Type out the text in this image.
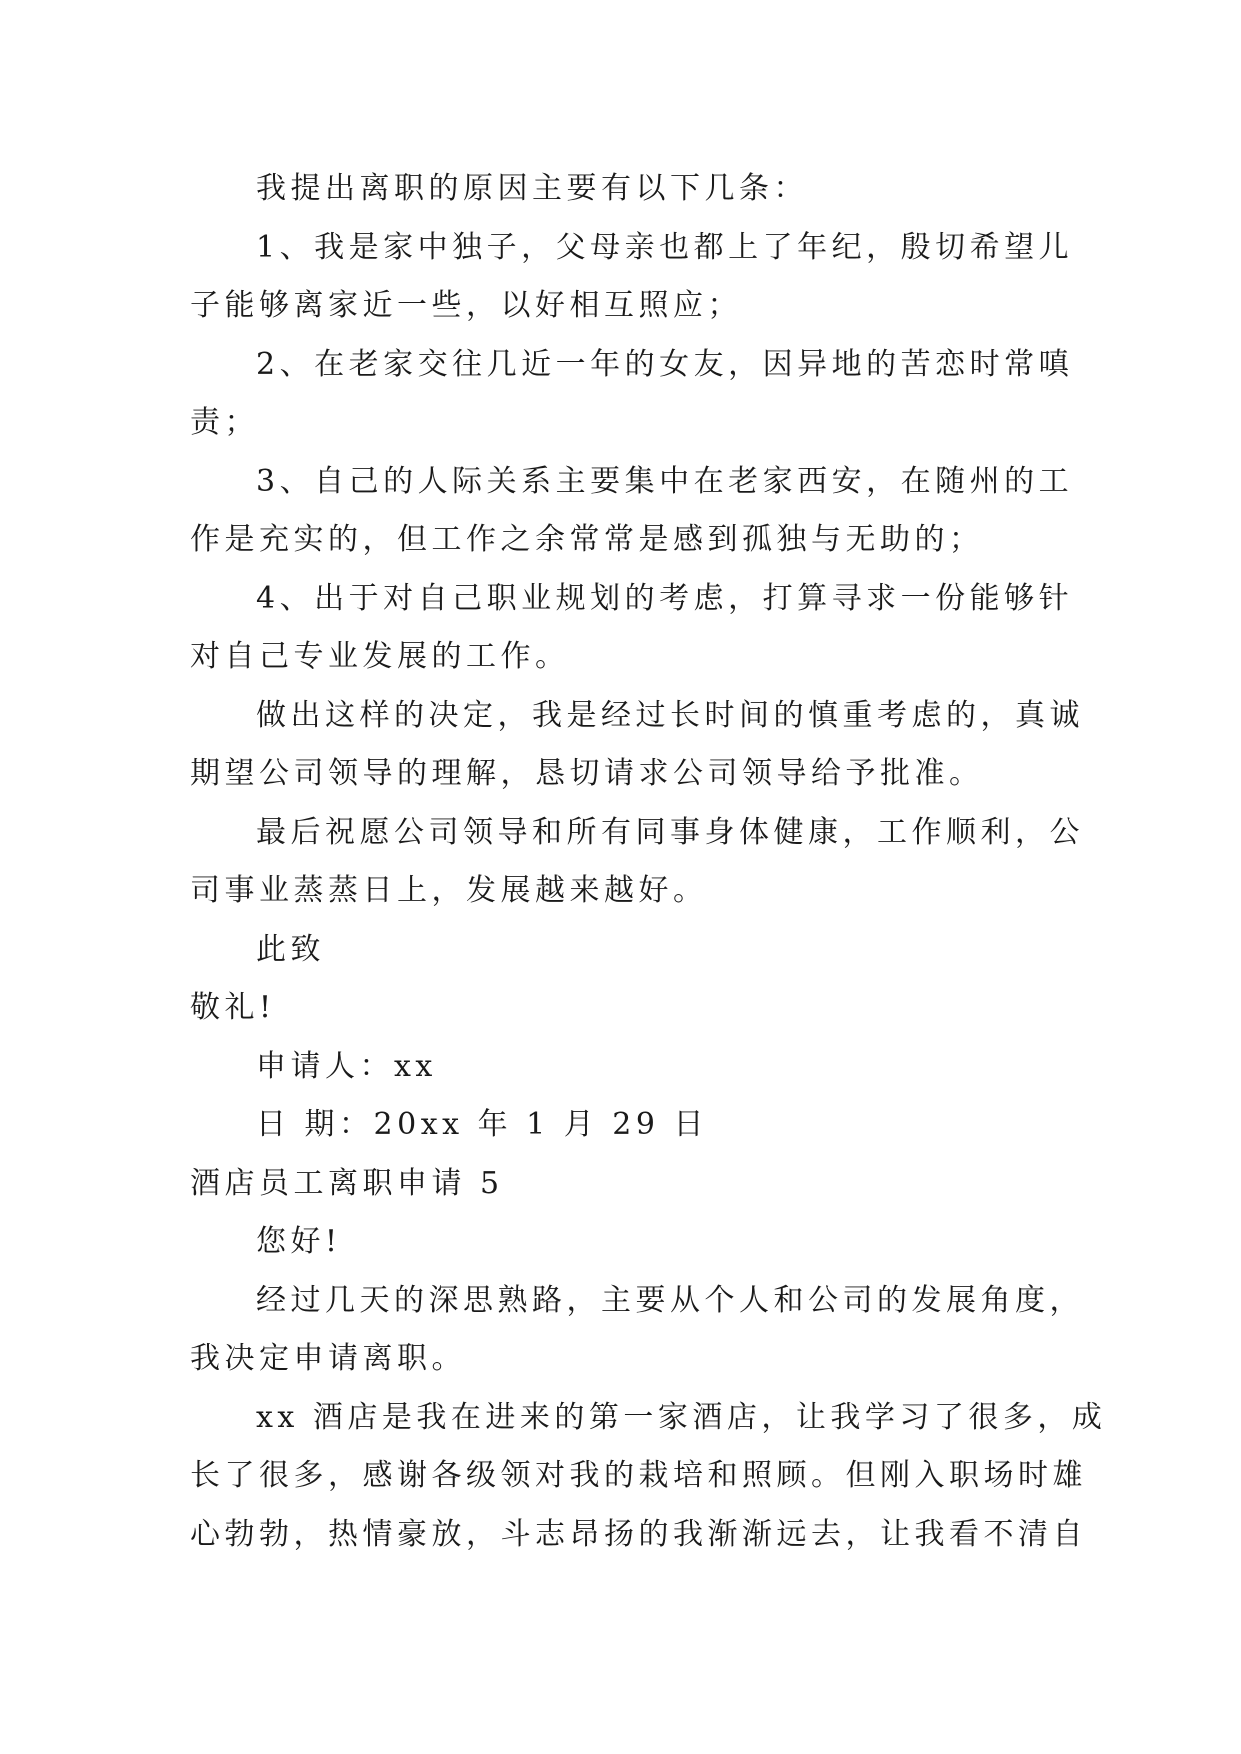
我提出离职的原因主要有以下几条：
1、我是家中独子，父母亲也都上了年纪，殷切希望儿
子能够离家近一些，以好相互照应；
2、在老家交往几近一年的女友，因异地的苦恋时常嗔
责；
3、自己的人际关系主要集中在老家西安，在随州的工
作是充实的，但工作之余常常是感到孤独与无助的；
4、出于对自己职业规划的考虑，打算寻求一份能够针
对自己专业发展的工作。
做出这样的决定，我是经过长时间的慎重考虑的，真诚
期望公司领导的理解，恳切请求公司领导给予批准。
最后祝愿公司领导和所有同事身体健康，工作顺利，公
司事业蒸蒸日上，发展越来越好。
此致
敬礼!
申请人：xx
日 期：20xx 年 1 月 29 日
酒店员工离职申请 5
您好!
经过几天的深思熟路，主要从个人和公司的发展角度，
我决定申请离职。
xx 酒店是我在进来的第一家酒店，让我学习了很多，成
长了很多，感谢各级领对我的栽培和照顾。但刚入职场时雄
心勃勃，热情豪放，斗志昂扬的我渐渐远去，让我看不清自
